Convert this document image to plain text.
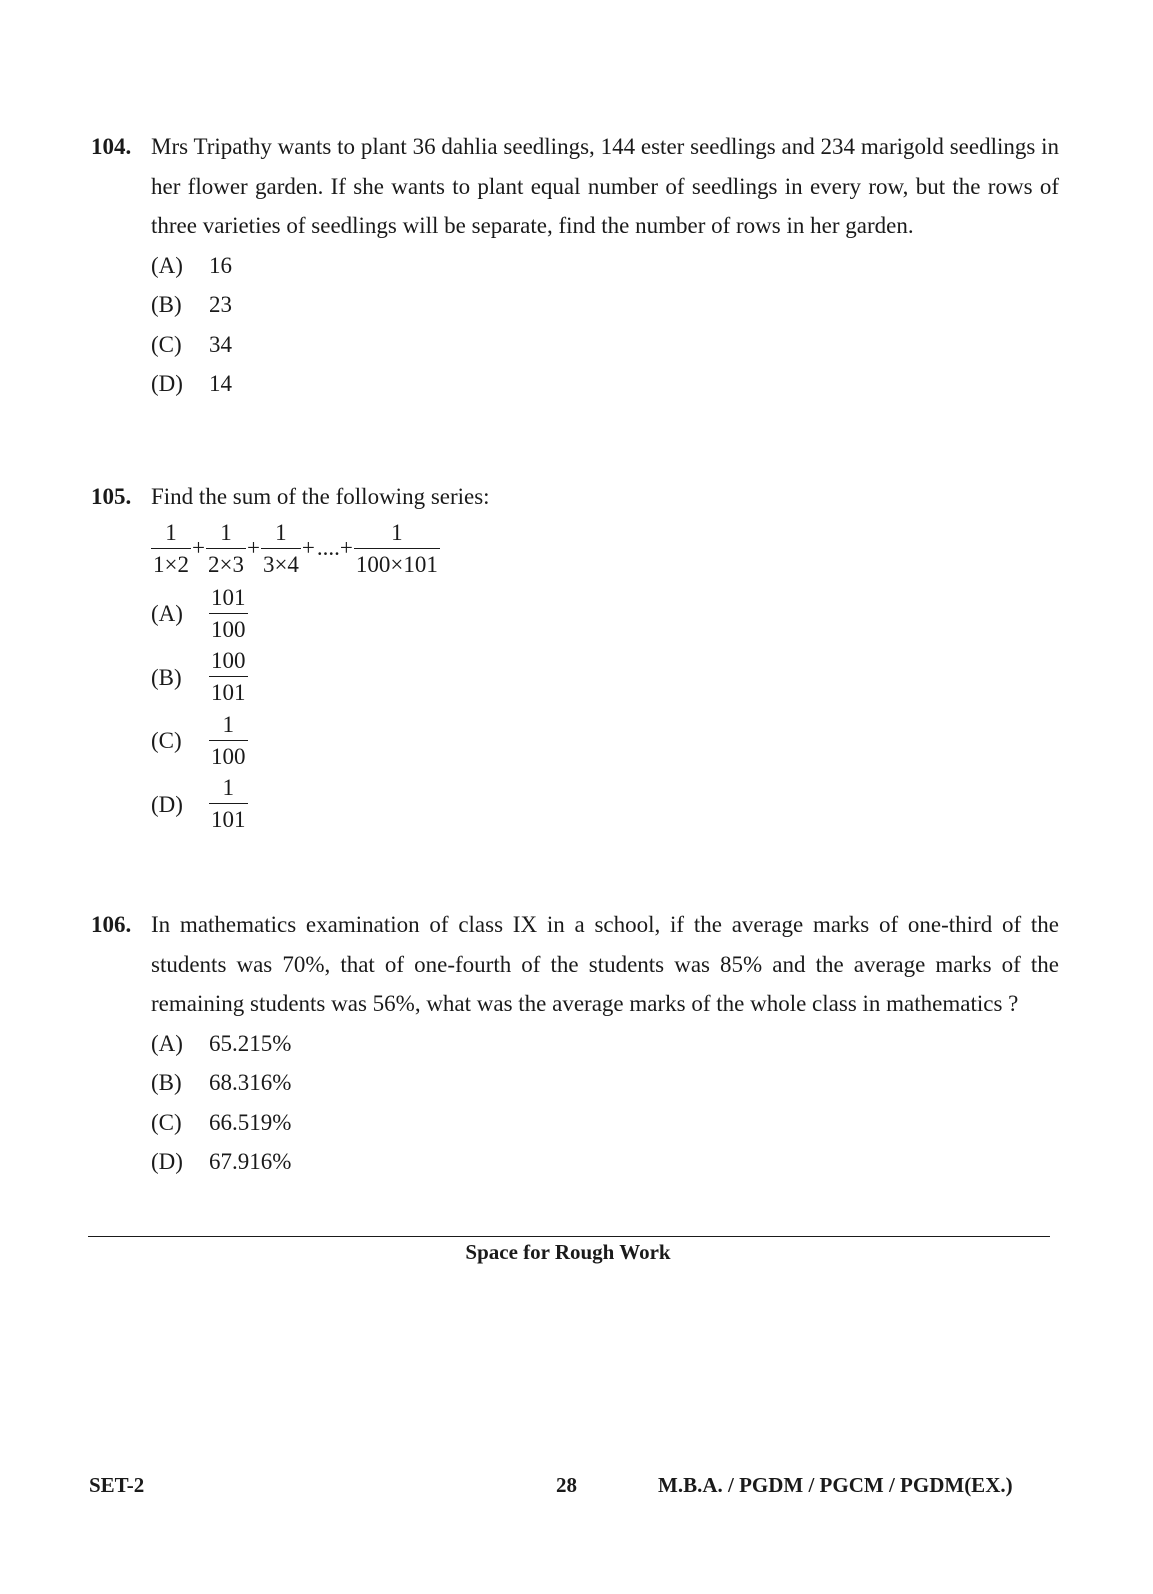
104. Mrs Tripathy wants to plant 36 dahlia seedlings, 144 ester seedlings and 234 marigold seedlings in her flower garden. If she wants to plant equal number of seedlings in every row, but the rows of three varieties of seedlings will be separate, find the number of rows in her garden.
(A)	16
(B)	23
(C)	34
(D)	14
105. Find the sum of the following series:
$\frac{1}{1\times 2} + \frac{1}{2\times 3} + \frac{1}{3\times 4}$ + ....+ $\frac{1}{100\times 101}$
(A)	$\frac{101}{100}$
(B)	$\frac{100}{101}$
(C)	$\frac{1}{100}$
(D)	$\frac{1}{101}$
106. In mathematics examination of class IX in a school, if the average marks of one-third of the students was 70%, that of one-fourth of the students was 85% and the average marks of the remaining students was 56%, what was the average marks of the whole class in mathematics ?
(A)	65.215%
(B)	68.316%
(C)	66.519%
(D)	67.916%
Space for Rough Work
SET-2	28	M.B.A. / PGDM / PGCM / PGDM(EX.)
